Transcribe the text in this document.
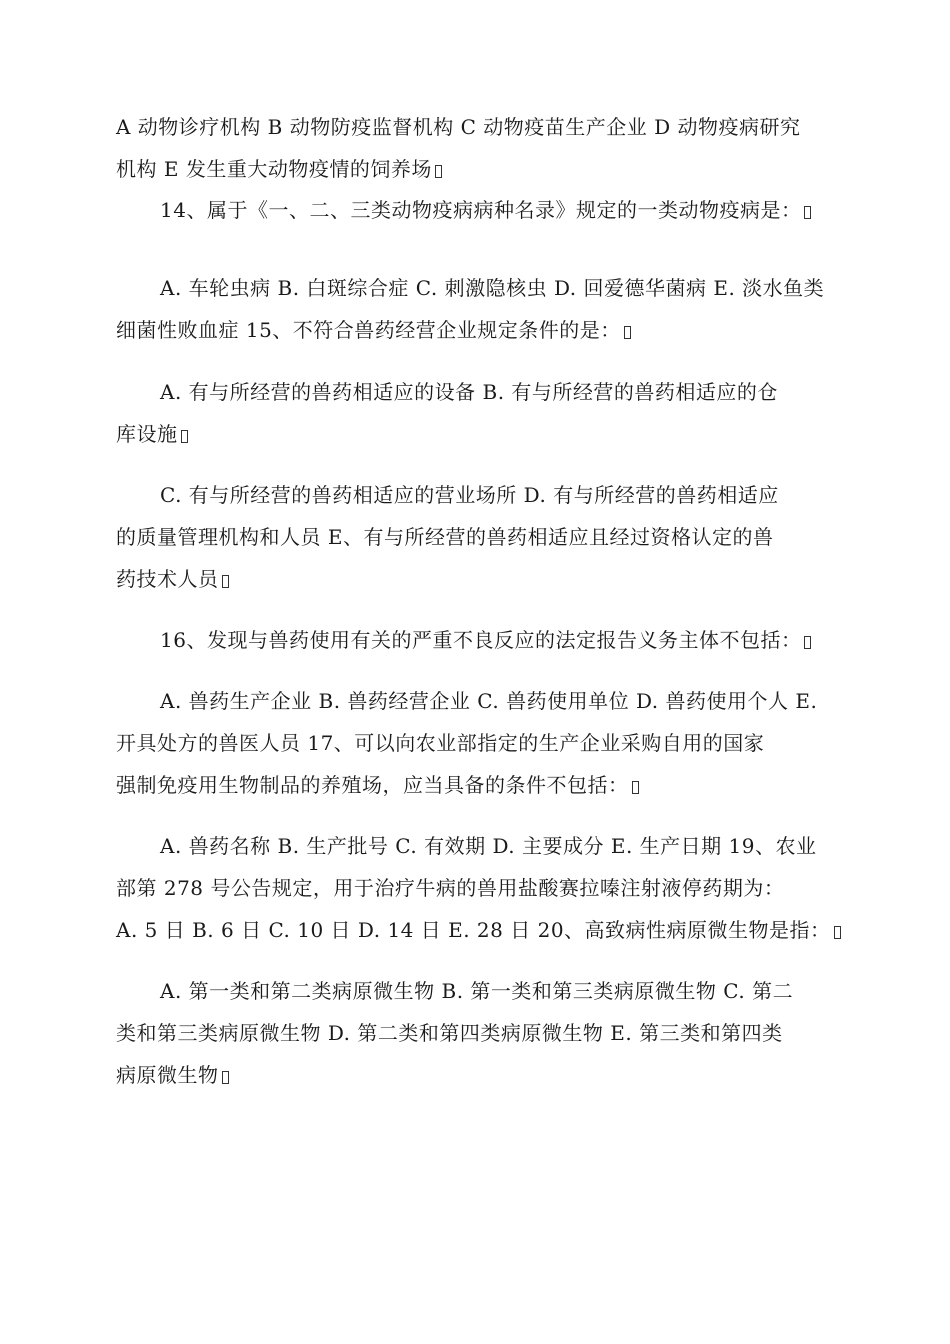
A 动物诊疗机构 B 动物防疫监督机构 C 动物疫苗生产企业 D 动物疫病研究
机构 E 发生重大动物疫情的饲养场
14、属于《一、二、三类动物疫病病种名录》规定的一类动物疫病是：
A. 车轮虫病 B. 白斑综合症 C. 刺激隐核虫 D. 回爱德华菌病 E. 淡水鱼类
细菌性败血症 15、不符合兽药经营企业规定条件的是：
A. 有与所经营的兽药相适应的设备 B. 有与所经营的兽药相适应的仓
库设施
C. 有与所经营的兽药相适应的营业场所 D. 有与所经营的兽药相适应
的质量管理机构和人员 E、有与所经营的兽药相适应且经过资格认定的兽
药技术人员
16、发现与兽药使用有关的严重不良反应的法定报告义务主体不包括：
A. 兽药生产企业 B. 兽药经营企业 C. 兽药使用单位 D. 兽药使用个人 E.
开具处方的兽医人员 17、可以向农业部指定的生产企业采购自用的国家
强制免疫用生物制品的养殖场，应当具备的条件不包括：
A. 兽药名称 B. 生产批号 C. 有效期 D. 主要成分 E. 生产日期 19、农业
部第 278 号公告规定，用于治疗牛病的兽用盐酸赛拉嗪注射液停药期为：
A. 5 日 B. 6 日 C. 10 日 D. 14 日 E. 28 日 20、高致病性病原微生物是指：
A. 第一类和第二类病原微生物 B. 第一类和第三类病原微生物 C. 第二
类和第三类病原微生物 D. 第二类和第四类病原微生物 E. 第三类和第四类
病原微生物
